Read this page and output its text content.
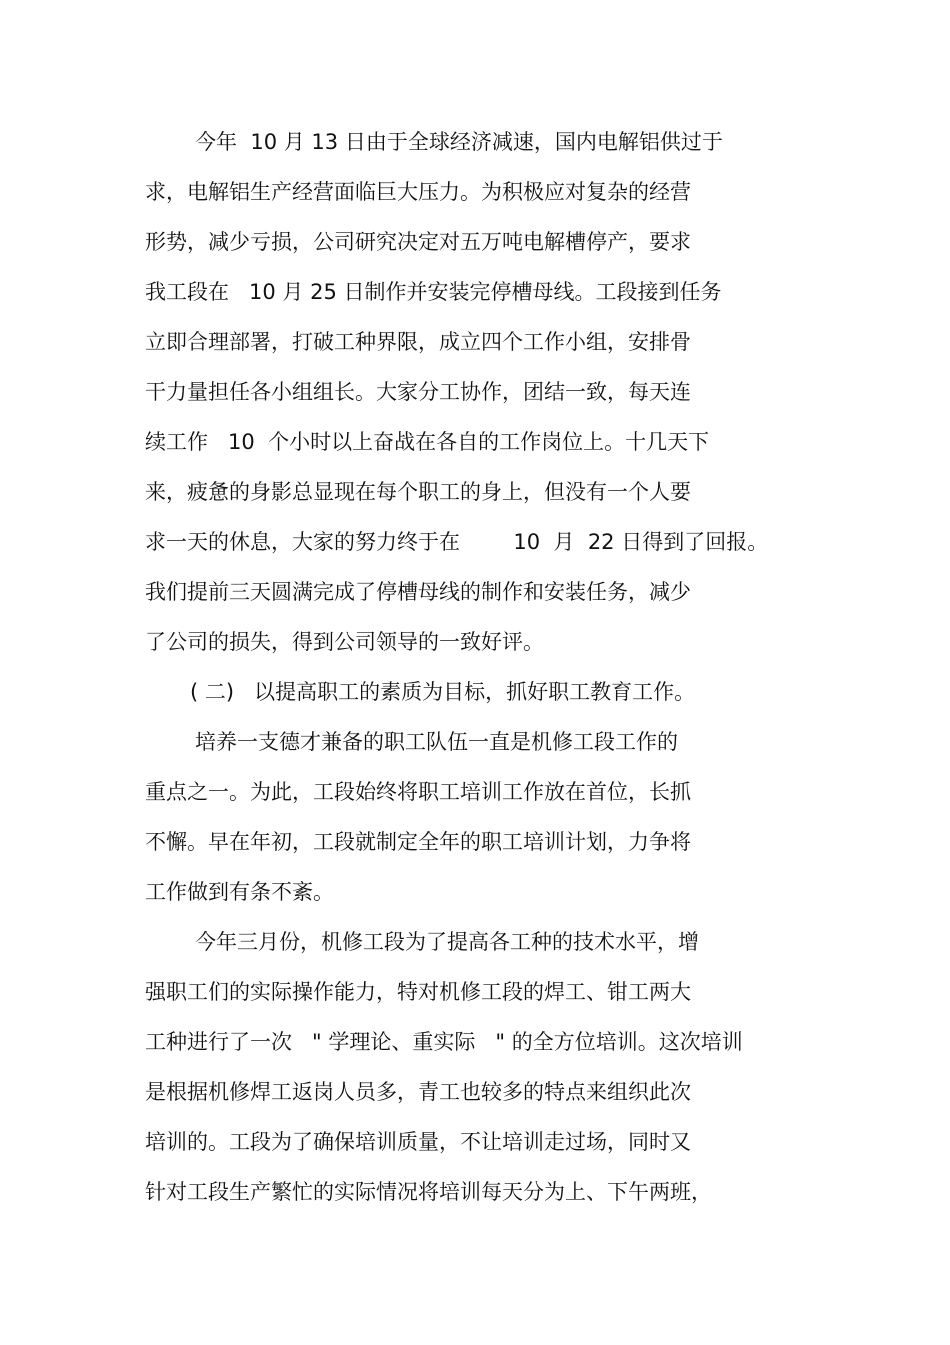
今年  10 月 13 日由于全球经济减速，国内电解铝供过于
求，电解铝生产经营面临巨大压力。为积极应对复杂的经营
形势，减少亏损，公司研究决定对五万吨电解槽停产，要求
我工段在   10 月 25 日制作并安装完停槽母线。工段接到任务
立即合理部署，打破工种界限，成立四个工作小组，安排骨
干力量担任各小组组长。大家分工协作，团结一致，每天连
续工作   10  个小时以上奋战在各自的工作岗位上。十几天下
来，疲惫的身影总显现在每个职工的身上，但没有一个人要
求一天的休息，大家的努力终于在        10  月  22 日得到了回报。
我们提前三天圆满完成了停槽母线的制作和安装任务，减少
了公司的损失，得到公司领导的一致好评。
( 二)   以提高职工的素质为目标，抓好职工教育工作。
培养一支德才兼备的职工队伍一直是机修工段工作的
重点之一。为此，工段始终将职工培训工作放在首位，长抓
不懈。早在年初，工段就制定全年的职工培训计划，力争将
工作做到有条不紊。
今年三月份，机修工段为了提高各工种的技术水平，增
强职工们的实际操作能力，特对机修工段的焊工、钳工两大
工种进行了一次   " 学理论、重实际   " 的全方位培训。这次培训
是根据机修焊工返岗人员多，青工也较多的特点来组织此次
培训的。工段为了确保培训质量，不让培训走过场，同时又
针对工段生产繁忙的实际情况将培训每天分为上、下午两班，
